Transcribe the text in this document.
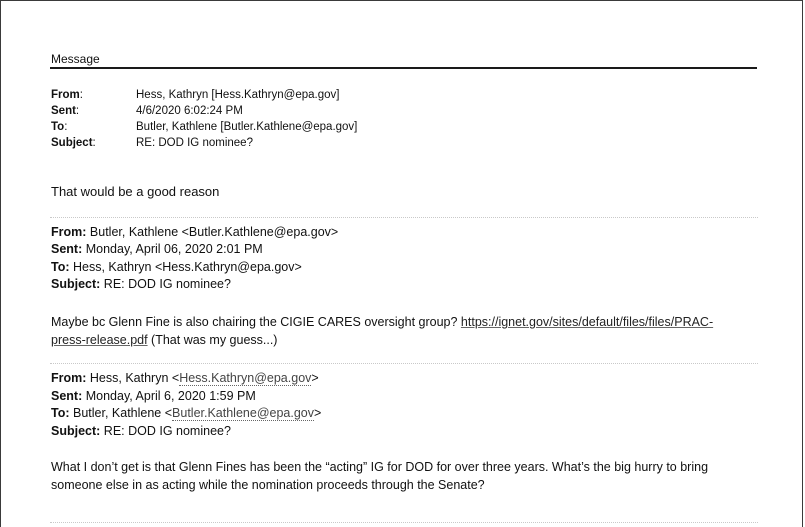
Message
From:	Hess, Kathryn [Hess.Kathryn@epa.gov]
Sent:	4/6/2020 6:02:24 PM
To:	Butler, Kathlene [Butler.Kathlene@epa.gov]
Subject:	RE: DOD IG nominee?
That would be a good reason
From: Butler, Kathlene <Butler.Kathlene@epa.gov>
Sent: Monday, April 06, 2020 2:01 PM
To: Hess, Kathryn <Hess.Kathryn@epa.gov>
Subject: RE: DOD IG nominee?
Maybe bc Glenn Fine is also chairing the CIGIE CARES oversight group? https://ignet.gov/sites/default/files/files/PRAC-
press-release.pdf (That was my guess...)
From: Hess, Kathryn <Hess.Kathryn@epa.gov>
Sent: Monday, April 6, 2020 1:59 PM
To: Butler, Kathlene <Butler.Kathlene@epa.gov>
Subject: RE: DOD IG nominee?
What I don’t get is that Glenn Fines has been the “acting” IG for DOD for over three years. What’s the big hurry to bring
someone else in as acting while the nomination proceeds through the Senate?
